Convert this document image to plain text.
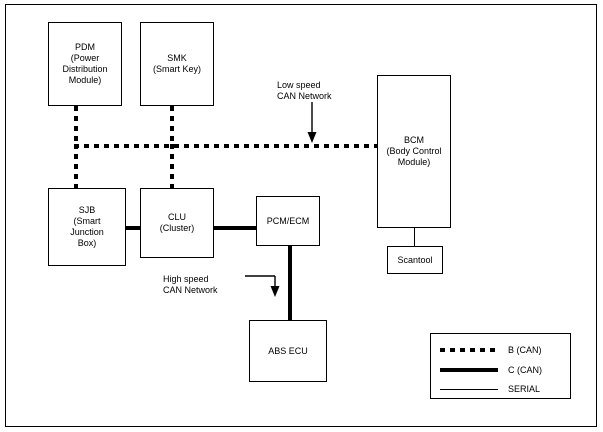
Low speed
CAN Network
High speed
CAN Network
PDM
(Power
Distribution
Module)
SMK
(Smart Key)
BCM
(Body Control
Module)
SJB
(Smart
Junction
Box)
CLU
(Cluster)
PCM/ECM
Scantool
ABS ECU	B (CAN)
C (CAN)
SERIAL
